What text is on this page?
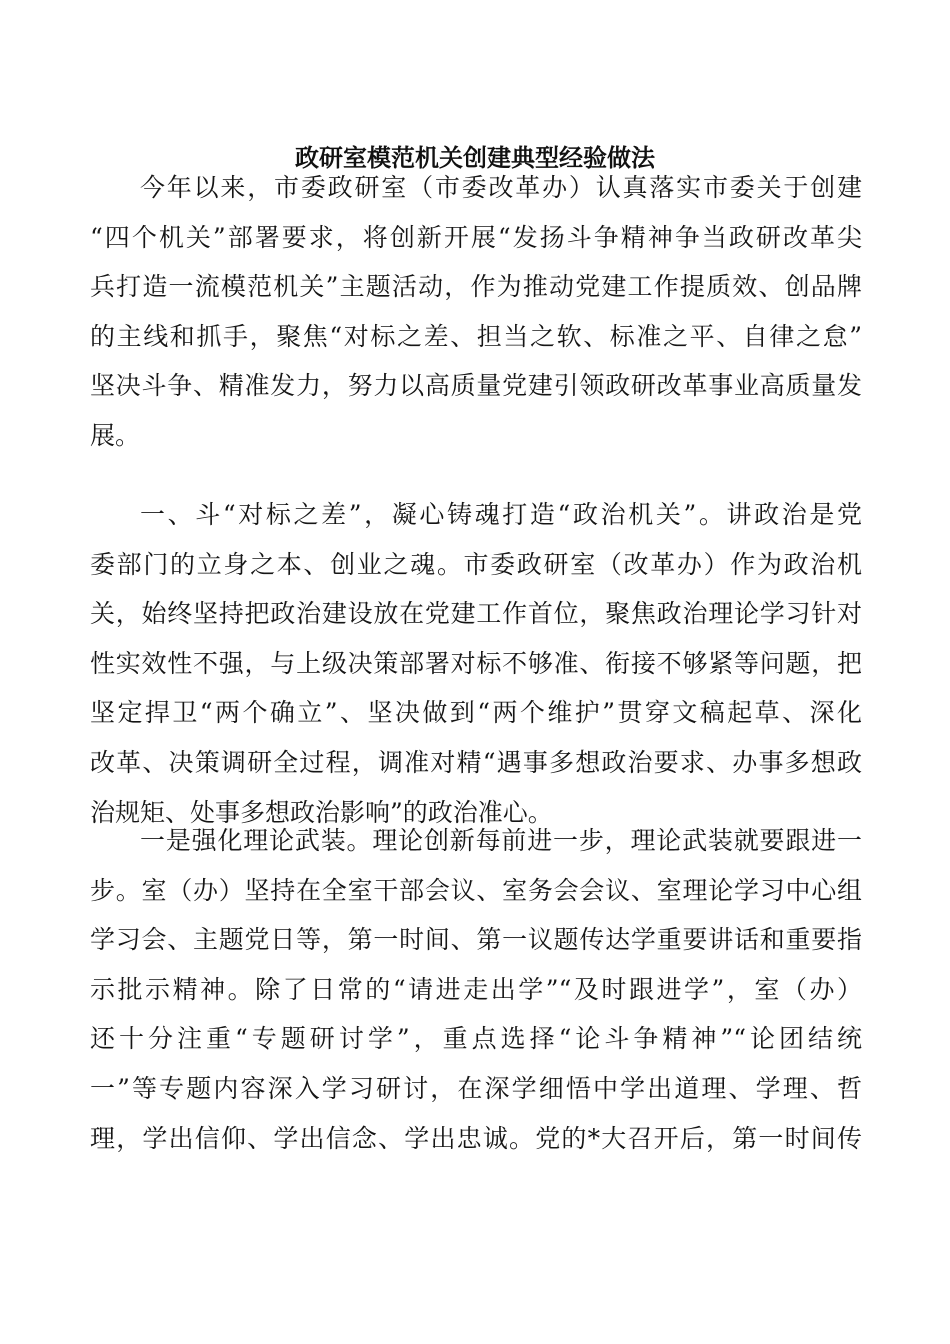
政研室模范机关创建典型经验做法
今年以来，市委政研室（市委改革办）认真落实市委关于创建
“四个机关”部署要求，将创新开展“发扬斗争精神争当政研改革尖
兵打造一流模范机关”主题活动，作为推动党建工作提质效、创品牌
的主线和抓手，聚焦“对标之差、担当之软、标准之平、自律之怠”
坚决斗争、精准发力，努力以高质量党建引领政研改革事业高质量发
展。
一、斗“对标之差”，凝心铸魂打造“政治机关”。讲政治是党
委部门的立身之本、创业之魂。市委政研室（改革办）作为政治机
关，始终坚持把政治建设放在党建工作首位，聚焦政治理论学习针对
性实效性不强，与上级决策部署对标不够准、衔接不够紧等问题，把
坚定捍卫“两个确立”、坚决做到“两个维护”贯穿文稿起草、深化
改革、决策调研全过程，调准对精“遇事多想政治要求、办事多想政
治规矩、处事多想政治影响”的政治准心。
一是强化理论武装。理论创新每前进一步，理论武装就要跟进一
步。室（办）坚持在全室干部会议、室务会会议、室理论学习中心组
学习会、主题党日等，第一时间、第一议题传达学重要讲话和重要指
示批示精神。除了日常的“请进走出学”“及时跟进学”，室（办）
还十分注重“专题研讨学”，重点选择“论斗争精神”“论团结统
一”等专题内容深入学习研讨，在深学细悟中学出道理、学理、哲
理，学出信仰、学出信念、学出忠诚。党的*大召开后，第一时间传
